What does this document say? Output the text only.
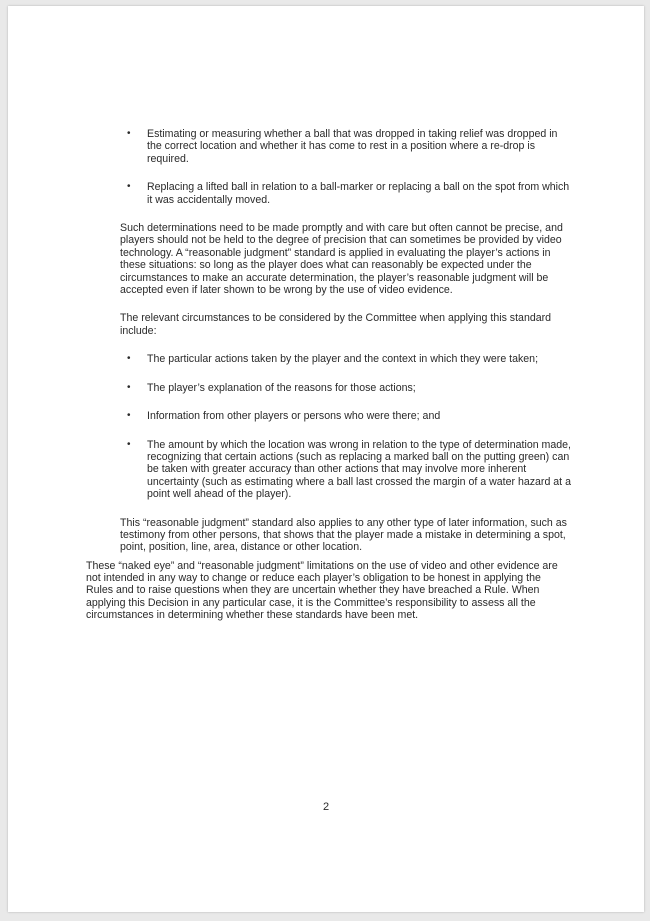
• Estimating or measuring whether a ball that was dropped in taking relief was dropped in the correct location and whether it has come to rest in a position where a re-drop is required.
• Replacing a lifted ball in relation to a ball-marker or replacing a ball on the spot from which it was accidentally moved.

Such determinations need to be made promptly and with care but often cannot be precise, and players should not be held to the degree of precision that can sometimes be provided by video technology. A “reasonable judgment” standard is applied in evaluating the player’s actions in these situations: so long as the player does what can reasonably be expected under the circumstances to make an accurate determination, the player’s reasonable judgment will be accepted even if later shown to be wrong by the use of video evidence.

The relevant circumstances to be considered by the Committee when applying this standard include:

• The particular actions taken by the player and the context in which they were taken;
• The player’s explanation of the reasons for those actions;
• Information from other players or persons who were there; and
• The amount by which the location was wrong in relation to the type of determination made, recognizing that certain actions (such as replacing a marked ball on the putting green) can be taken with greater accuracy than other actions that may involve more inherent uncertainty (such as estimating where a ball last crossed the margin of a water hazard at a point well ahead of the player).

This “reasonable judgment” standard also applies to any other type of later information, such as testimony from other persons, that shows that the player made a mistake in determining a spot, point, position, line, area, distance or other location.

These “naked eye” and “reasonable judgment” limitations on the use of video and other evidence are not intended in any way to change or reduce each player’s obligation to be honest in applying the Rules and to raise questions when they are uncertain whether they have breached a Rule. When applying this Decision in any particular case, it is the Committee’s responsibility to assess all the circumstances in determining whether these standards have been met.

2
